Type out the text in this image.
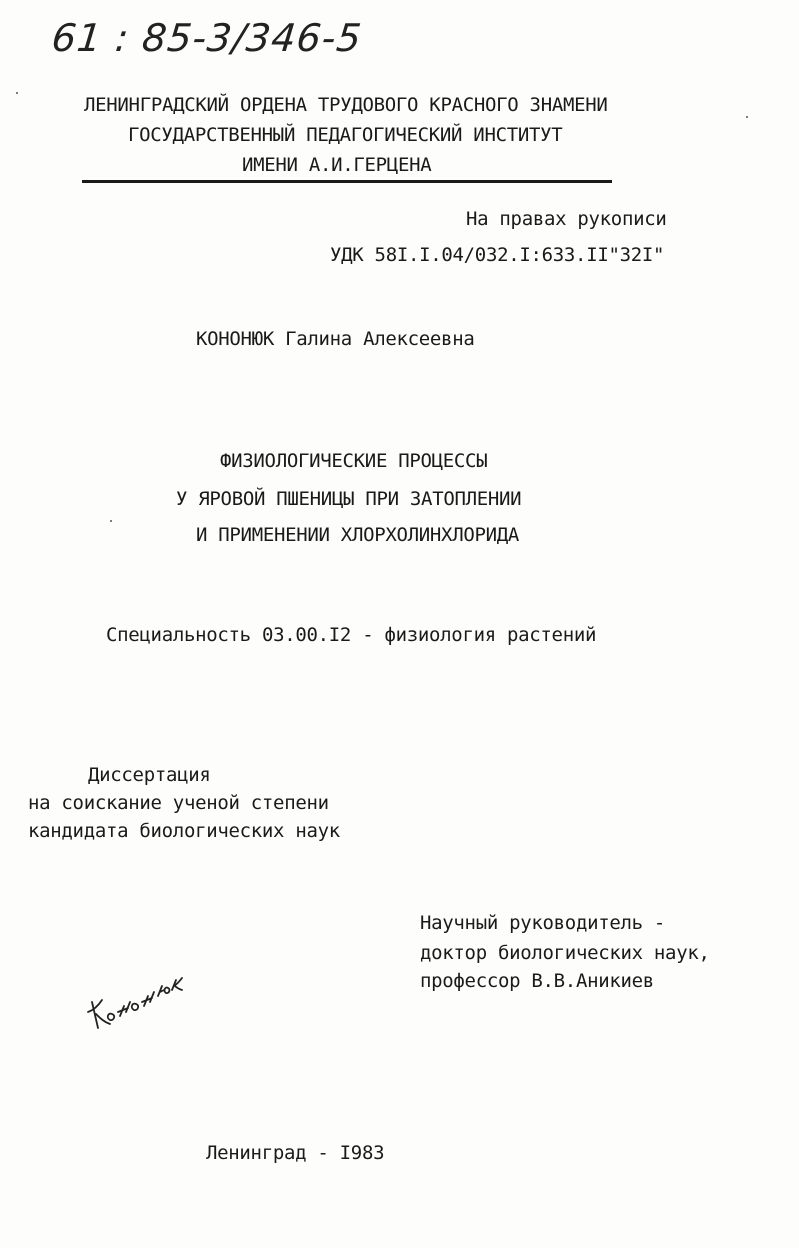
61 : 85-3/346-5
ЛЕНИНГРАДСКИЙ ОРДЕНА ТРУДОВОГО КРАСНОГО ЗНАМЕНИ
ГОСУДАРСТВЕННЫЙ ПЕДАГОГИЧЕСКИЙ ИНСТИТУТ
ИМЕНИ А.И.ГЕРЦЕНА
На правах рукописи
УДК 58I.I.04/032.I:633.II"32I"
КОНОНЮК Галина Алексеевна
ФИЗИОЛОГИЧЕСКИЕ ПРОЦЕССЫ
У ЯРОВОЙ ПШЕНИЦЫ ПРИ ЗАТОПЛЕНИИ
И ПРИМЕНЕНИИ ХЛОРХОЛИНХЛОРИДА
Специальность 03.00.I2 - физиология растений
Диссертация
на соискание ученой степени
кандидата биологических наук
Научный руководитель -
доктор биологических наук,
профессор В.В.Аникиев
Ленинград - I983
